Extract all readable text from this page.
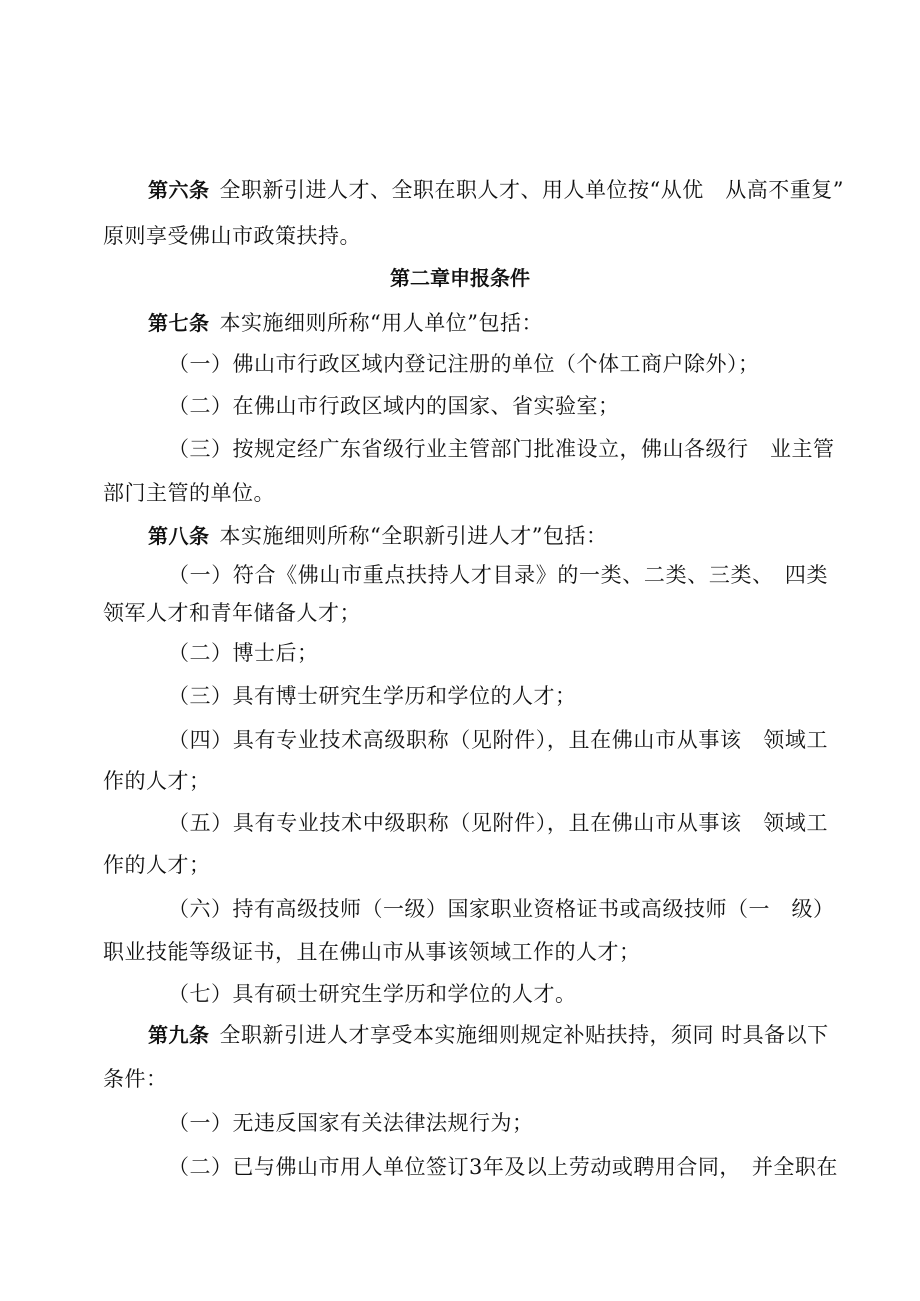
第六条 全职新引进人才、全职在职人才、用人单位按“从优　从高不重复”
原则享受佛山市政策扶持。
第二章申报条件
第七条 本实施细则所称“用人单位”包括：
（一）佛山市行政区域内登记注册的单位（个体工商户除外）；
（二）在佛山市行政区域内的国家、省实验室；
（三）按规定经广东省级行业主管部门批准设立，佛山各级行　业主管
部门主管的单位。
第八条 本实施细则所称“全职新引进人才”包括：
（一）符合《佛山市重点扶持人才目录》的一类、二类、三类、　四类
领军人才和青年储备人才；
（二）博士后；
（三）具有博士研究生学历和学位的人才；
（四）具有专业技术高级职称（见附件），且在佛山市从事该　领域工
作的人才；
（五）具有专业技术中级职称（见附件），且在佛山市从事该　领域工
作的人才；
（六）持有高级技师（一级）国家职业资格证书或高级技师（一　级）
职业技能等级证书，且在佛山市从事该领域工作的人才；
（七）具有硕士研究生学历和学位的人才。
第九条 全职新引进人才享受本实施细则规定补贴扶持，须同 时具备以下
条件：
（一）无违反国家有关法律法规行为；
（二）已与佛山市用人单位签订3年及以上劳动或聘用合同，　并全职在
